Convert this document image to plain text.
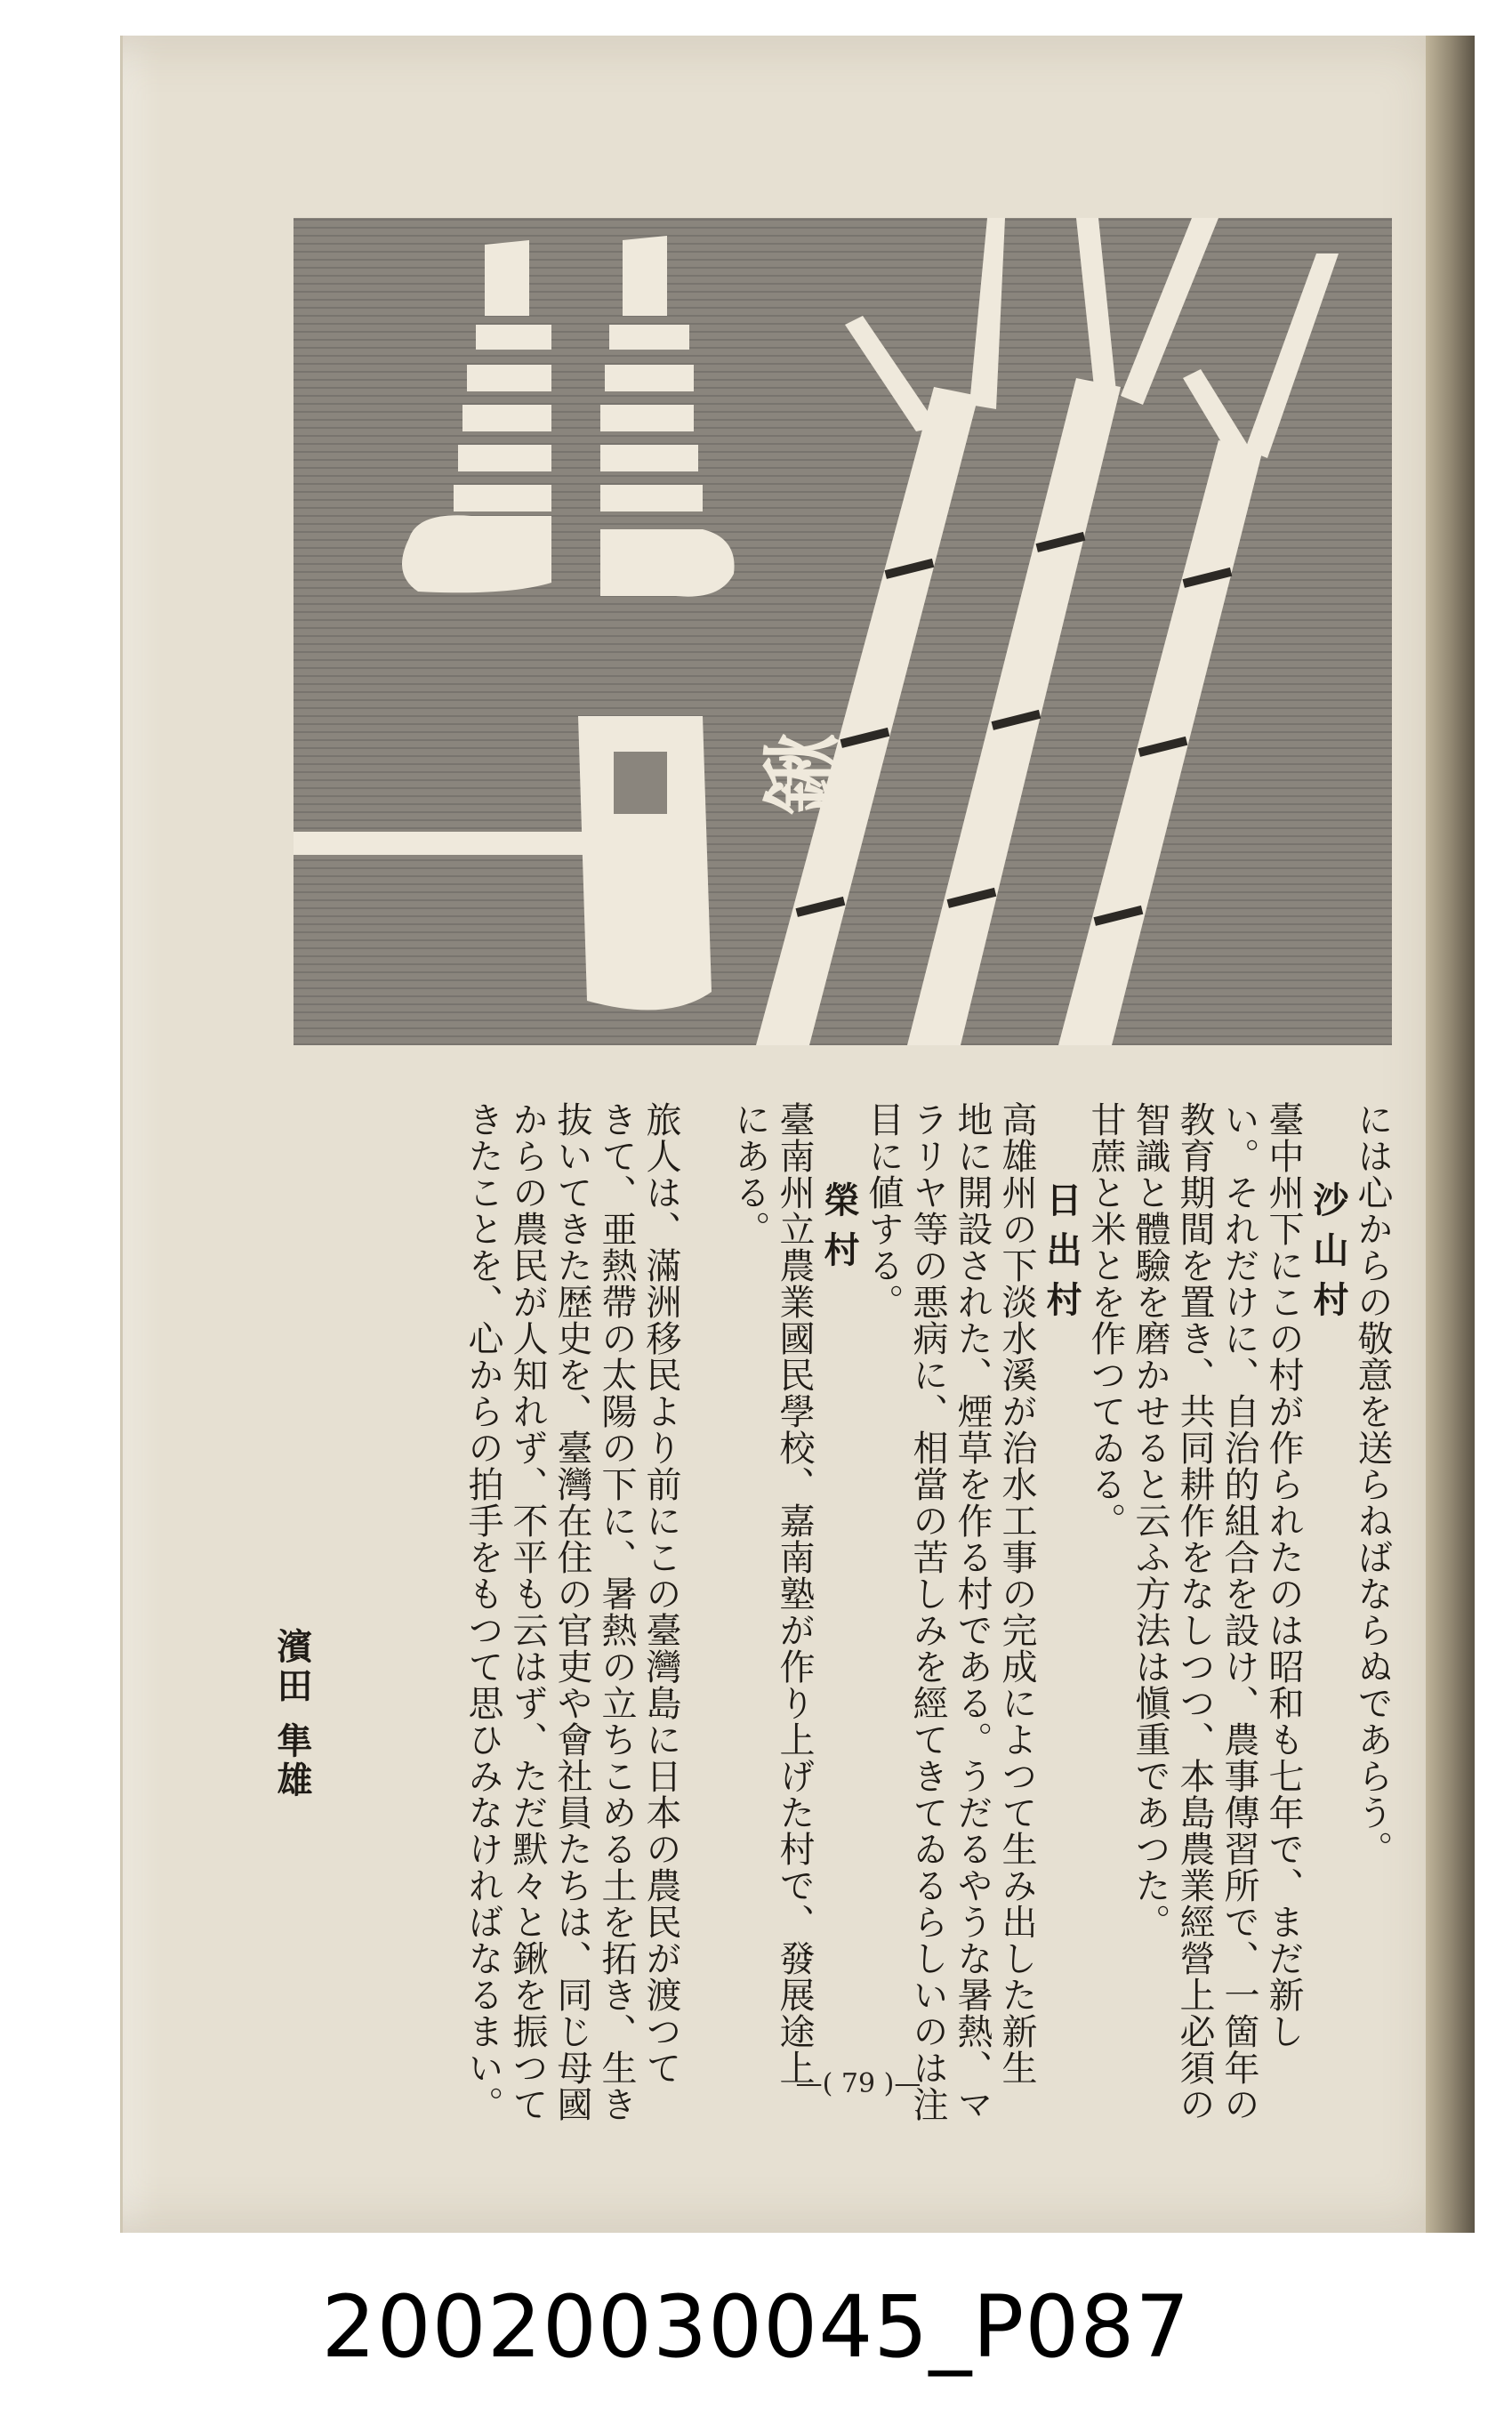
鍬
には心からの敬意を送らねばならぬであらう。
沙山村
臺中州下にこの村が作られたのは昭和も七年で、まだ新し
い。それだけに、自治的組合を設け、農事傳習所で、一箇年の
教育期間を置き、共同耕作をなしつつ、本島農業經營上必須の
智識と體驗を磨かせると云ふ方法は愼重であつた。
甘蔗と米とを作つてゐる。
日出村
高雄州の下淡水溪が治水工事の完成によつて生み出した新生
地に開設された、煙草を作る村である。うだるやうな暑熱、マ
ラリヤ等の悪病に、相當の苦しみを經てきてゐるらしいのは注
目に値する。
榮村
臺南州立農業國民學校、嘉南塾が作り上げた村で、發展途上
にある。
旅人は、滿洲移民より前にこの臺灣島に日本の農民が渡つて
きて、亜熱帶の太陽の下に、暑熱の立ちこめる土を拓き、生き
抜いてきた歴史を、臺灣在住の官吏や會社員たちは、同じ母國
からの農民が人知れず、不平も云はず、ただ默々と鍬を振つて
きたことを、心からの拍手をもつて思ひみなければなるまい。
濱田 隼雄
—( 79 )—
20020030045_P087
